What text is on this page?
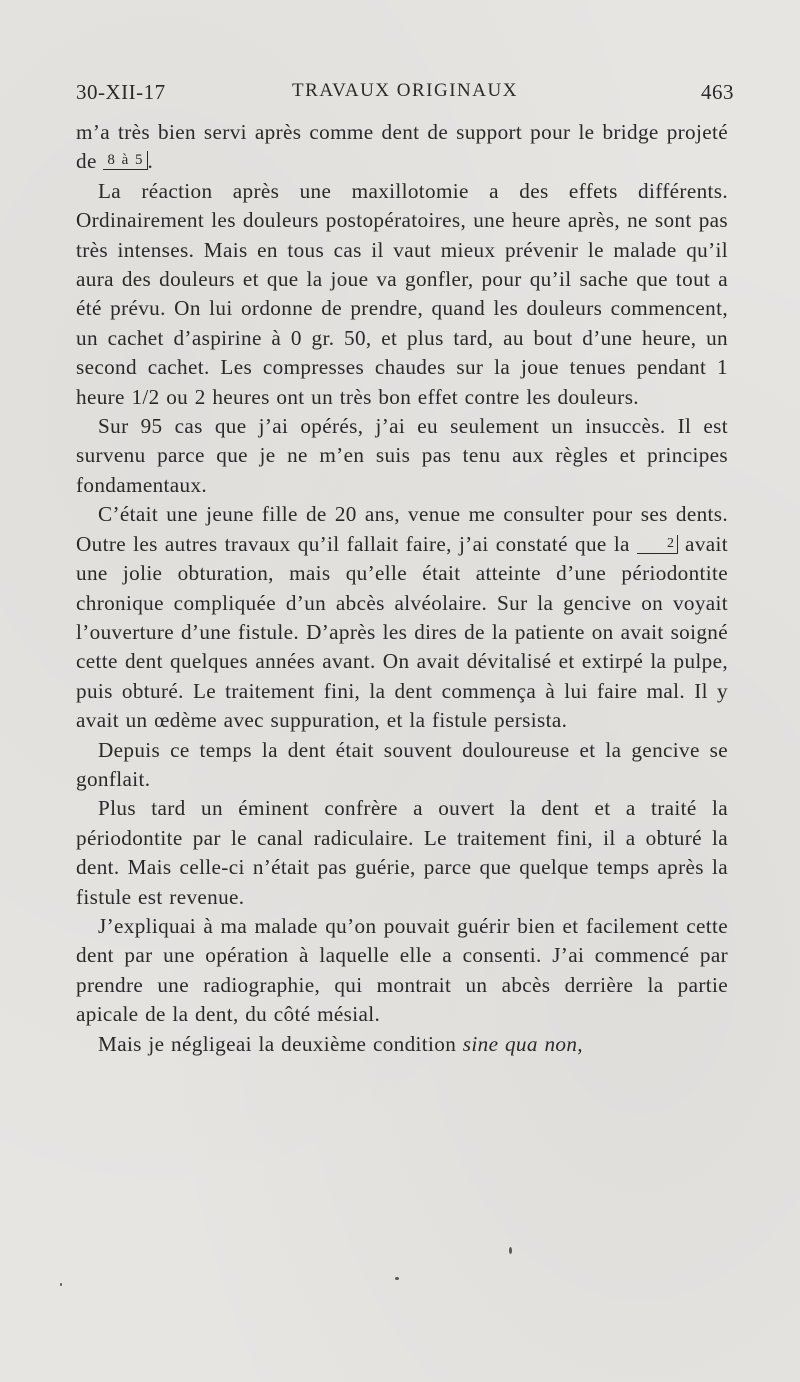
30-XII-17	TRAVAUX ORIGINAUX	463

m’a très bien servi après comme dent de support pour le bridge projeté de 8 à 5 .

La réaction après une maxillotomie a des effets différents. Ordinairement les douleurs postopératoires, une heure après, ne sont pas très intenses. Mais en tous cas il vaut mieux prévenir le malade qu’il aura des douleurs et que la joue va gonfler, pour qu’il sache que tout a été prévu. On lui ordonne de prendre, quand les douleurs commencent, un cachet d’aspirine à 0 gr. 50, et plus tard, au bout d’une heure, un second cachet. Les compresses chaudes sur la joue tenues pendant 1 heure 1/2 ou 2 heures ont un très bon effet contre les douleurs.

Sur 95 cas que j’ai opérés, j’ai eu seulement un insuccès. Il est survenu parce que je ne m’en suis pas tenu aux règles et principes fondamentaux.

C’était une jeune fille de 20 ans, venue me consulter pour ses dents. Outre les autres travaux qu’il fallait faire, j’ai constaté que la 2 avait une jolie obturation, mais qu’elle était atteinte d’une périodontite chronique compliquée d’un abcès alvéolaire. Sur la gencive on voyait l’ouverture d’une fistule. D’après les dires de la patiente on avait soigné cette dent quelques années avant. On avait dévitalisé et extirpé la pulpe, puis obturé. Le traitement fini, la dent commença à lui faire mal. Il y avait un œdème avec suppuration, et la fistule persista.

Depuis ce temps la dent était souvent douloureuse et la gencive se gonflait.

Plus tard un éminent confrère a ouvert la dent et a traité la périodontite par le canal radiculaire. Le traitement fini, il a obturé la dent. Mais celle-ci n’était pas guérie, parce que quelque temps après la fistule est revenue.

J’expliquai à ma malade qu’on pouvait guérir bien et facilement cette dent par une opération à laquelle elle a consenti. J’ai commencé par prendre une radiographie, qui montrait un abcès derrière la partie apicale de la dent, du côté mésial.

Mais je négligeai la deuxième condition sine qua non,
